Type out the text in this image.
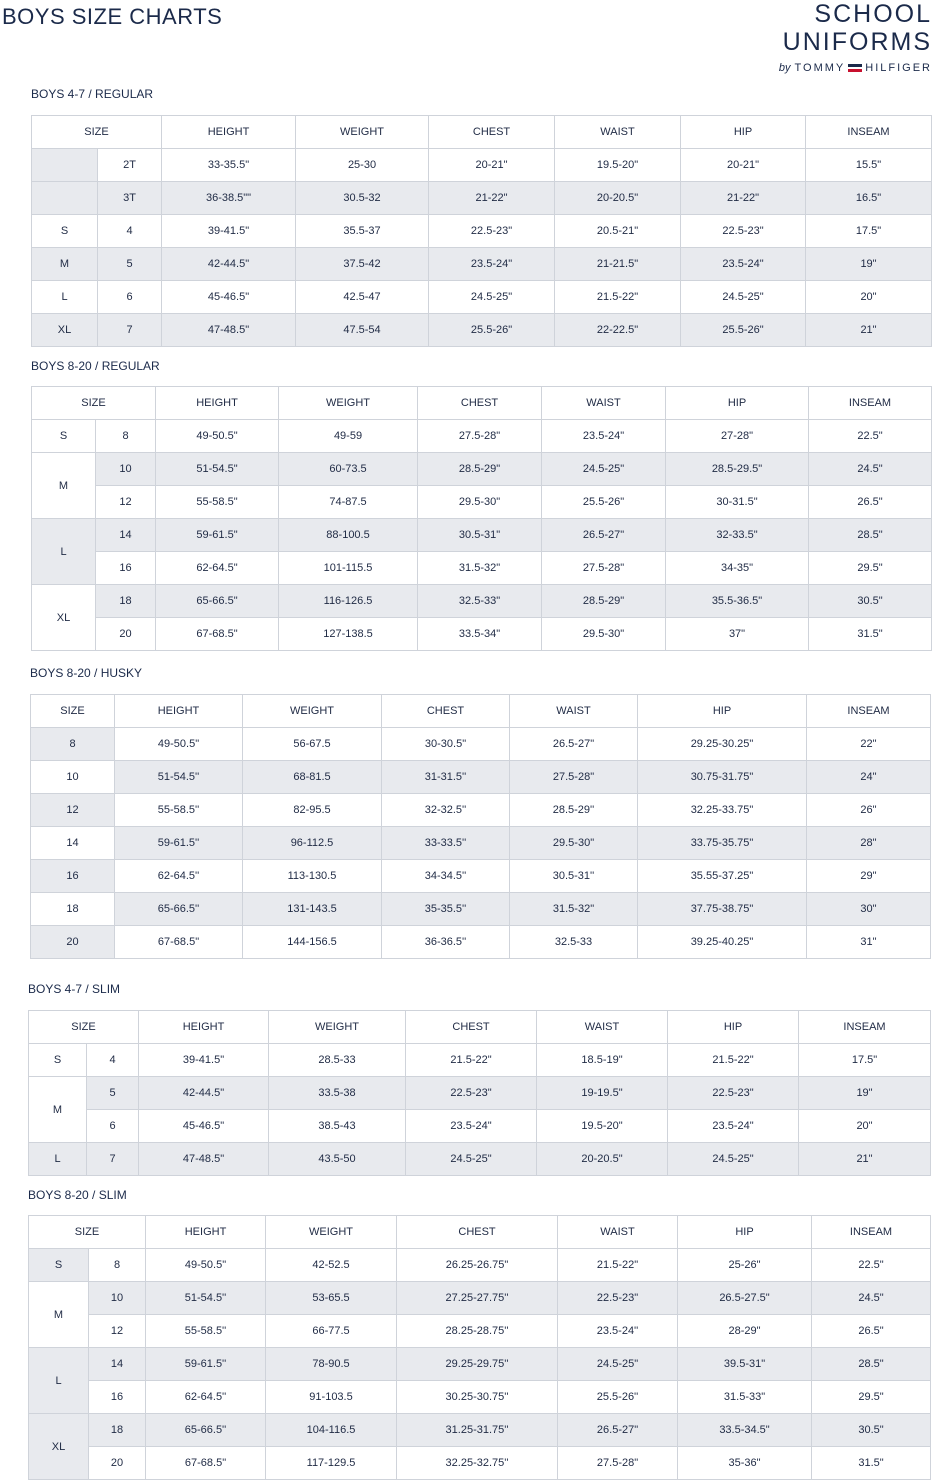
BOYS SIZE CHARTS	SCHOOL
UNIFORMS
by TOMMY HILFIGER
BOYS 4-7 / REGULAR
SIZE		HEIGHT	WEIGHT	CHEST	WAIST	HIP	INSEAM
	2T	33-35.5"	25-30	20-21"	19.5-20"	20-21"	15.5"
	3T	36-38.5""	30.5-32	21-22"	20-20.5"	21-22"	16.5"
S	4	39-41.5"	35.5-37	22.5-23"	20.5-21"	22.5-23"	17.5"
M	5	42-44.5"	37.5-42	23.5-24"	21-21.5"	23.5-24"	19"
L	6	45-46.5"	42.5-47	24.5-25"	21.5-22"	24.5-25"	20"
XL	7	47-48.5"	47.5-54	25.5-26"	22-22.5"	25.5-26"	21"
BOYS 8-20 / REGULAR
SIZE		HEIGHT	WEIGHT	CHEST	WAIST	HIP	INSEAM
S	8	49-50.5"	49-59	27.5-28"	23.5-24"	27-28"	22.5"
M	10	51-54.5"	60-73.5	28.5-29"	24.5-25"	28.5-29.5"	24.5"
	12	55-58.5"	74-87.5	29.5-30"	25.5-26"	30-31.5"	26.5"
L	14	59-61.5"	88-100.5	30.5-31"	26.5-27"	32-33.5"	28.5"
	16	62-64.5"	101-115.5	31.5-32"	27.5-28"	34-35"	29.5"
XL	18	65-66.5"	116-126.5	32.5-33"	28.5-29"	35.5-36.5"	30.5"
	20	67-68.5"	127-138.5	33.5-34"	29.5-30"	37"	31.5"
BOYS 8-20 / HUSKY
SIZE	HEIGHT	WEIGHT	CHEST	WAIST	HIP	INSEAM
8	49-50.5"	56-67.5	30-30.5"	26.5-27"	29.25-30.25"	22"
10	51-54.5''	68-81.5	31-31.5''	27.5-28"	30.75-31.75"	24"
12	55-58.5''	82-95.5	32-32.5''	28.5-29''	32.25-33.75"	26"
14	59-61.5''	96-112.5	33-33.5''	29.5-30"	33.75-35.75"	28"
16	62-64.5''	113-130.5	34-34.5''	30.5-31''	35.55-37.25"	29"
18	65-66.5''	131-143.5	35-35.5''	31.5-32"	37.75-38.75"	30"
20	67-68.5"	144-156.5	36-36.5''	32.5-33	39.25-40.25"	31"
BOYS 4-7 / SLIM
SIZE		HEIGHT	WEIGHT	CHEST	WAIST	HIP	INSEAM
S	4	39-41.5"	28.5-33	21.5-22"	18.5-19"	21.5-22"	17.5"
M	5	42-44.5"	33.5-38	22.5-23"	19-19.5"	22.5-23"	19"
	6	45-46.5"	38.5-43	23.5-24"	19.5-20"	23.5-24"	20"
L	7	47-48.5"	43.5-50	24.5-25"	20-20.5"	24.5-25"	21"
BOYS 8-20 / SLIM
SIZE		HEIGHT	WEIGHT	CHEST	WAIST	HIP	INSEAM
S	8	49-50.5"	42-52.5	26.25-26.75"	21.5-22"	25-26"	22.5"
M	10	51-54.5''	53-65.5	27.25-27.75''	22.5-23"	26.5-27.5"	24.5"
	12	55-58.5''	66-77.5	28.25-28.75''	23.5-24''	28-29"	26.5"
L	14	59-61.5''	78-90.5	29.25-29.75''	24.5-25"	39.5-31"	28.5"
	16	62-64.5''	91-103.5	30.25-30.75''	25.5-26''	31.5-33"	29.5"
XL	18	65-66.5''	104-116.5	31.25-31.75''	26.5-27"	33.5-34.5"	30.5"
	20	67-68.5"	117-129.5	32.25-32.75''	27.5-28"	35-36"	31.5"
